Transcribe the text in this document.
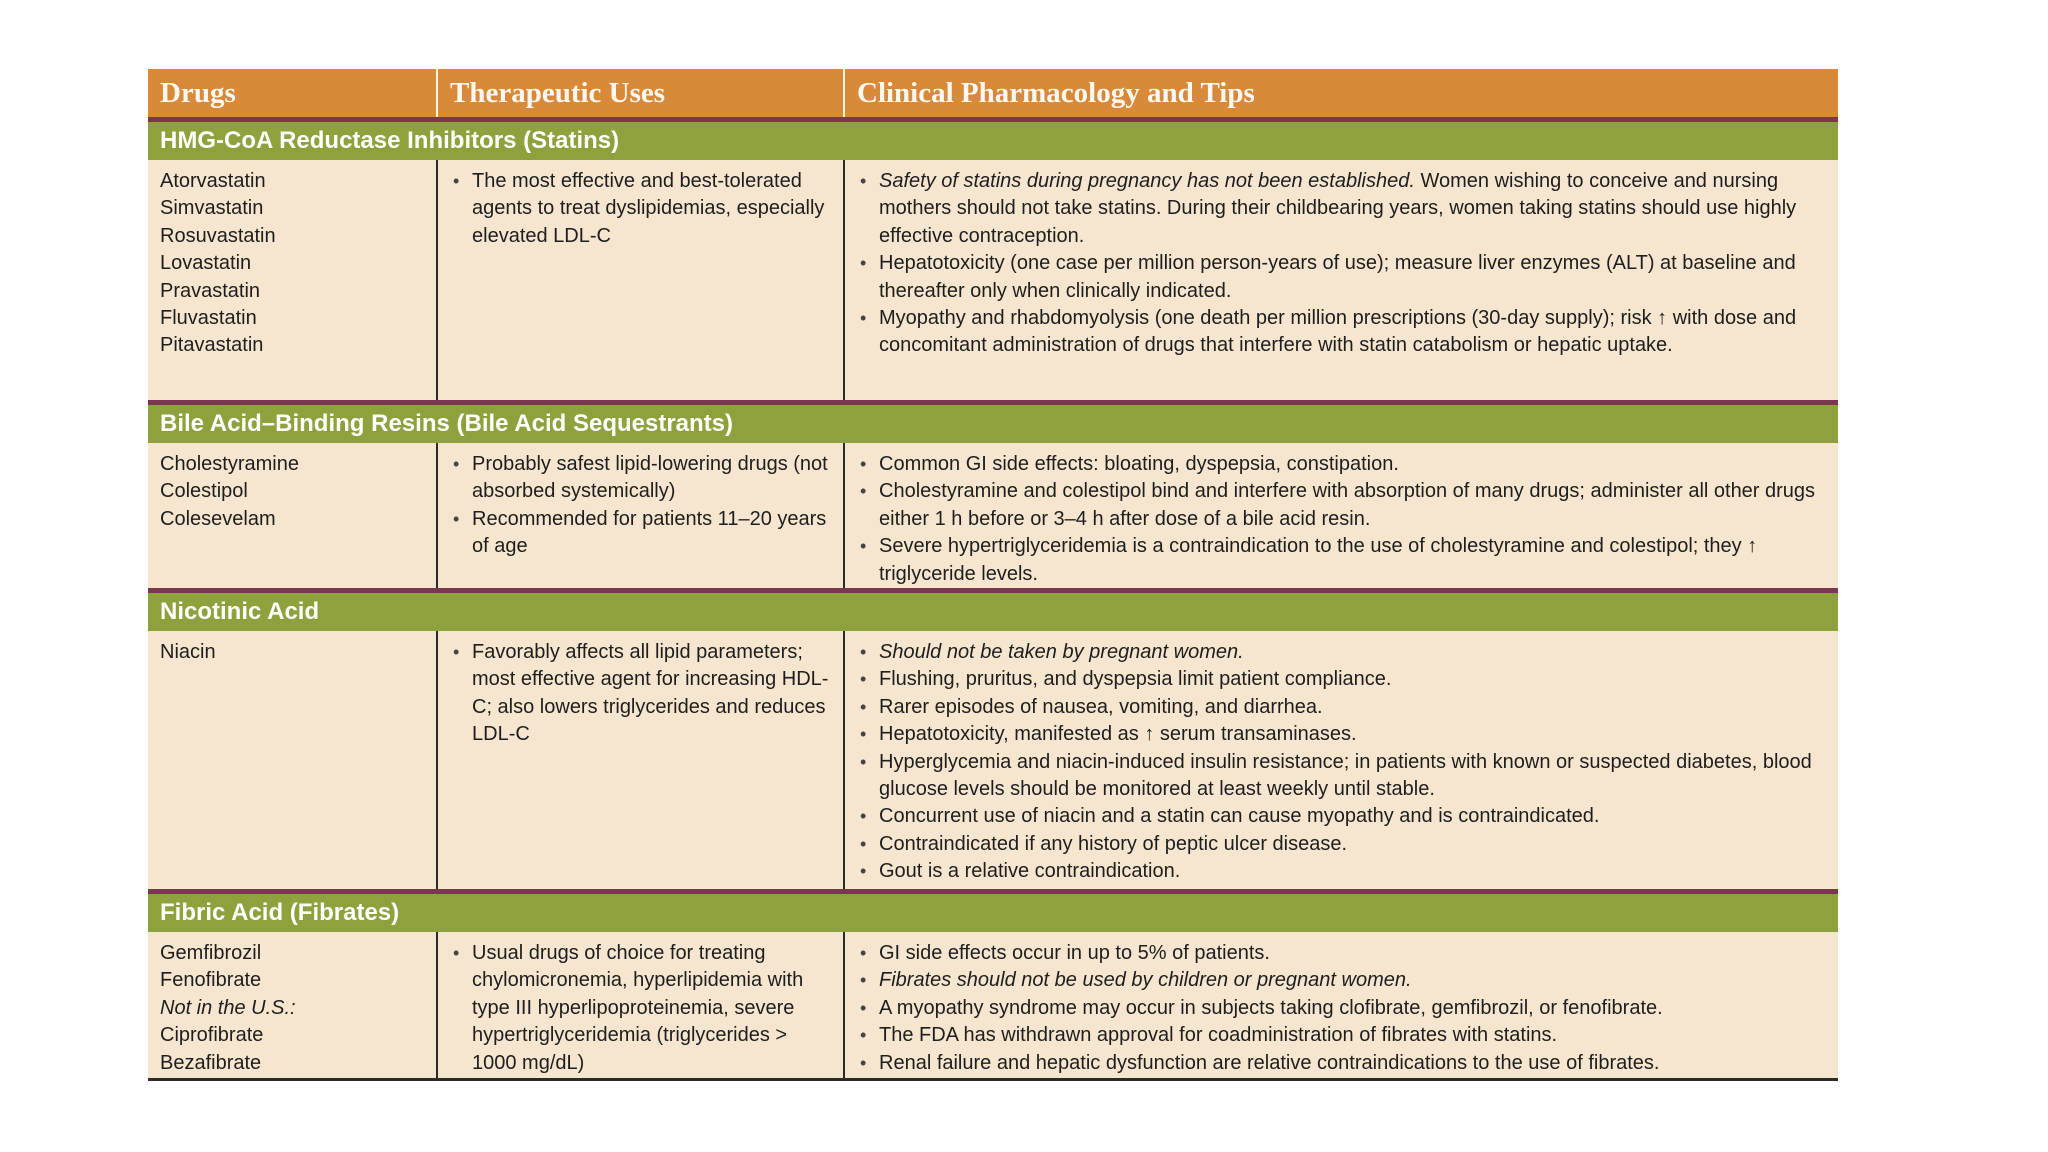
Drugs	Therapeutic Uses	Clinical Pharmacology and Tips
HMG-CoA Reductase Inhibitors (Statins)
Atorvastatin
Simvastatin
Rosuvastatin
Lovastatin
Pravastatin
Fluvastatin
Pitavastatin
• The most effective and best-tolerated agents to treat dyslipidemias, especially elevated LDL-C
• Safety of statins during pregnancy has not been established. Women wishing to conceive and nursing mothers should not take statins. During their childbearing years, women taking statins should use highly effective contraception.
• Hepatotoxicity (one case per million person-years of use); measure liver enzymes (ALT) at baseline and thereafter only when clinically indicated.
• Myopathy and rhabdomyolysis (one death per million prescriptions (30-day supply); risk ↑ with dose and concomitant administration of drugs that interfere with statin catabolism or hepatic uptake.
Bile Acid–Binding Resins (Bile Acid Sequestrants)
Cholestyramine
Colestipol
Colesevelam
• Probably safest lipid-lowering drugs (not absorbed systemically)
• Recommended for patients 11–20 years of age
• Common GI side effects: bloating, dyspepsia, constipation.
• Cholestyramine and colestipol bind and interfere with absorption of many drugs; administer all other drugs either 1 h before or 3–4 h after dose of a bile acid resin.
• Severe hypertriglyceridemia is a contraindication to the use of cholestyramine and colestipol; they ↑ triglyceride levels.
Nicotinic Acid
Niacin
•	Favorably affects all lipid parameters; most effective agent for increasing HDL-C; also lowers triglycerides and reduces LDL-C
• Should not be taken by pregnant women.
• Flushing, pruritus, and dyspepsia limit patient compliance.
• Rarer episodes of nausea, vomiting, and diarrhea.
• Hepatotoxicity, manifested as ↑ serum transaminases.
• Hyperglycemia and niacin-induced insulin resistance; in patients with known or suspected diabetes, blood glucose levels should be monitored at least weekly until stable.
• Concurrent use of niacin and a statin can cause myopathy and is contraindicated.
• Contraindicated if any history of peptic ulcer disease.
• Gout is a relative contraindication.
Fibric Acid (Fibrates)
Gemfibrozil
Fenofibrate
Not in the U.S.:
Ciprofibrate
Bezafibrate
• Usual drugs of choice for treating chylomicronemia, hyperlipidemia with type III hyperlipoproteinemia, severe hypertriglyceridemia (triglycerides > 1000 mg/dL)
• GI side effects occur in up to 5% of patients.
• Fibrates should not be used by children or pregnant women.
• A myopathy syndrome may occur in subjects taking clofibrate, gemfibrozil, or fenofibrate.
• The FDA has withdrawn approval for coadministration of fibrates with statins.
• Renal failure and hepatic dysfunction are relative contraindications to the use of fibrates.
